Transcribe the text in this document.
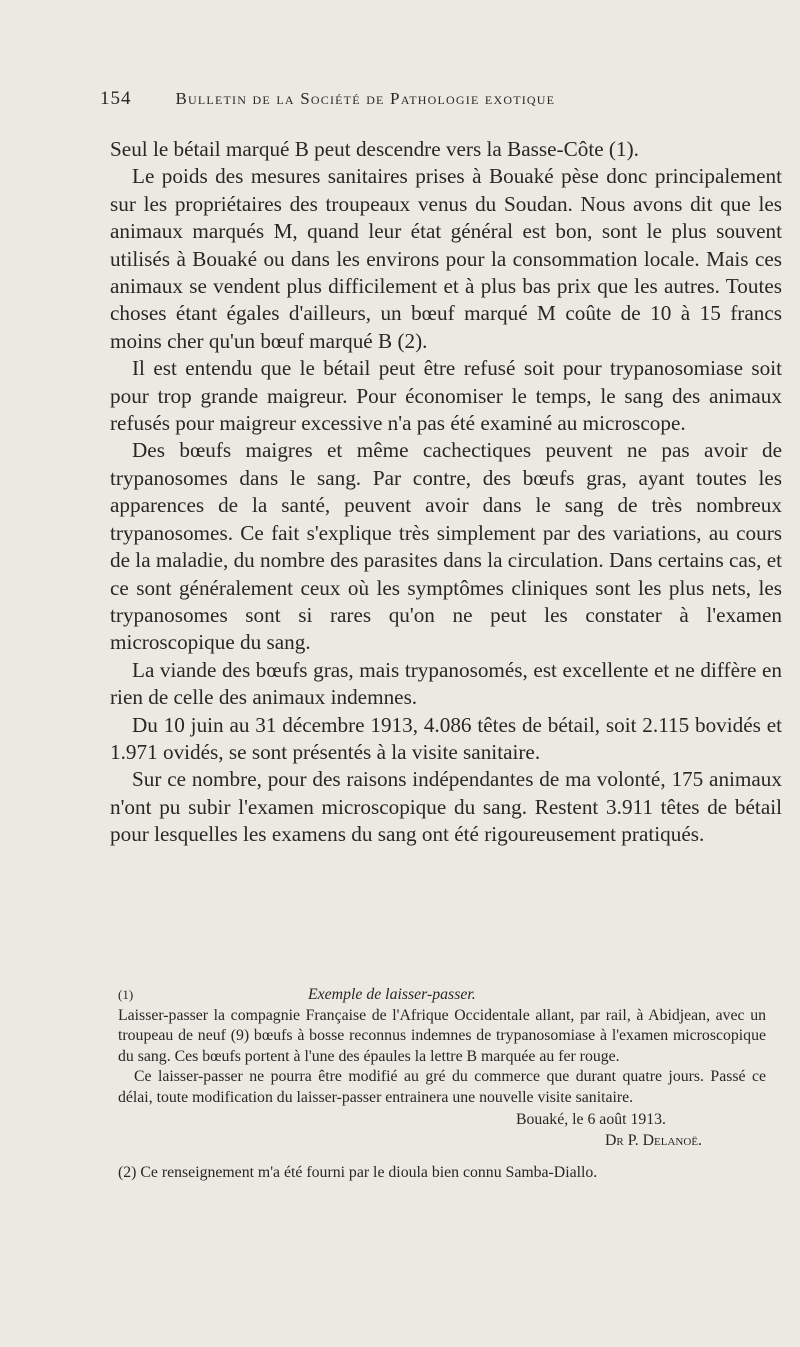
154	Bulletin de la Société de Pathologie exotique

Seul le bétail marqué B peut descendre vers la Basse-Côte (1).

Le poids des mesures sanitaires prises à Bouaké pèse donc principalement sur les propriétaires des troupeaux venus du Soudan. Nous avons dit que les animaux marqués M, quand leur état général est bon, sont le plus souvent utilisés à Bouaké ou dans les environs pour la consommation locale. Mais ces animaux se vendent plus difficilement et à plus bas prix que les autres. Toutes choses étant égales d'ailleurs, un bœuf marqué M coûte de 10 à 15 francs moins cher qu'un bœuf marqué B (2).

Il est entendu que le bétail peut être refusé soit pour trypanosomiase soit pour trop grande maigreur. Pour économiser le temps, le sang des animaux refusés pour maigreur excessive n'a pas été examiné au microscope.

Des bœufs maigres et même cachectiques peuvent ne pas avoir de trypanosomes dans le sang. Par contre, des bœufs gras, ayant toutes les apparences de la santé, peuvent avoir dans le sang de très nombreux trypanosomes. Ce fait s'explique très simplement par des variations, au cours de la maladie, du nombre des parasites dans la circulation. Dans certains cas, et ce sont généralement ceux où les symptômes cliniques sont les plus nets, les trypanosomes sont si rares qu'on ne peut les constater à l'examen microscopique du sang.

La viande des bœufs gras, mais trypanosomés, est excellente et ne diffère en rien de celle des animaux indemnes.

Du 10 juin au 31 décembre 1913, 4.086 têtes de bétail, soit 2.115 bovidés et 1.971 ovidés, se sont présentés à la visite sanitaire.

Sur ce nombre, pour des raisons indépendantes de ma volonté, 175 animaux n'ont pu subir l'examen microscopique du sang. Restent 3.911 têtes de bétail pour lesquelles les examens du sang ont été rigoureusement pratiqués.

(1)	Exemple de laisser-passer.

Laisser-passer la compagnie Française de l'Afrique Occidentale allant, par rail, à Abidjean, avec un troupeau de neuf (9) bœufs à bosse reconnus indemnes de trypanosomiase à l'examen microscopique du sang. Ces bœufs portent à l'une des épaules la lettre B marquée au fer rouge.

Ce laisser-passer ne pourra être modifié au gré du commerce que durant quatre jours. Passé ce délai, toute modification du laisser-passer entrainera une nouvelle visite sanitaire.

Bouaké, le 6 août 1913.
Dr P. Delanoë.

(2) Ce renseignement m'a été fourni par le dioula bien connu Samba-Diallo.
